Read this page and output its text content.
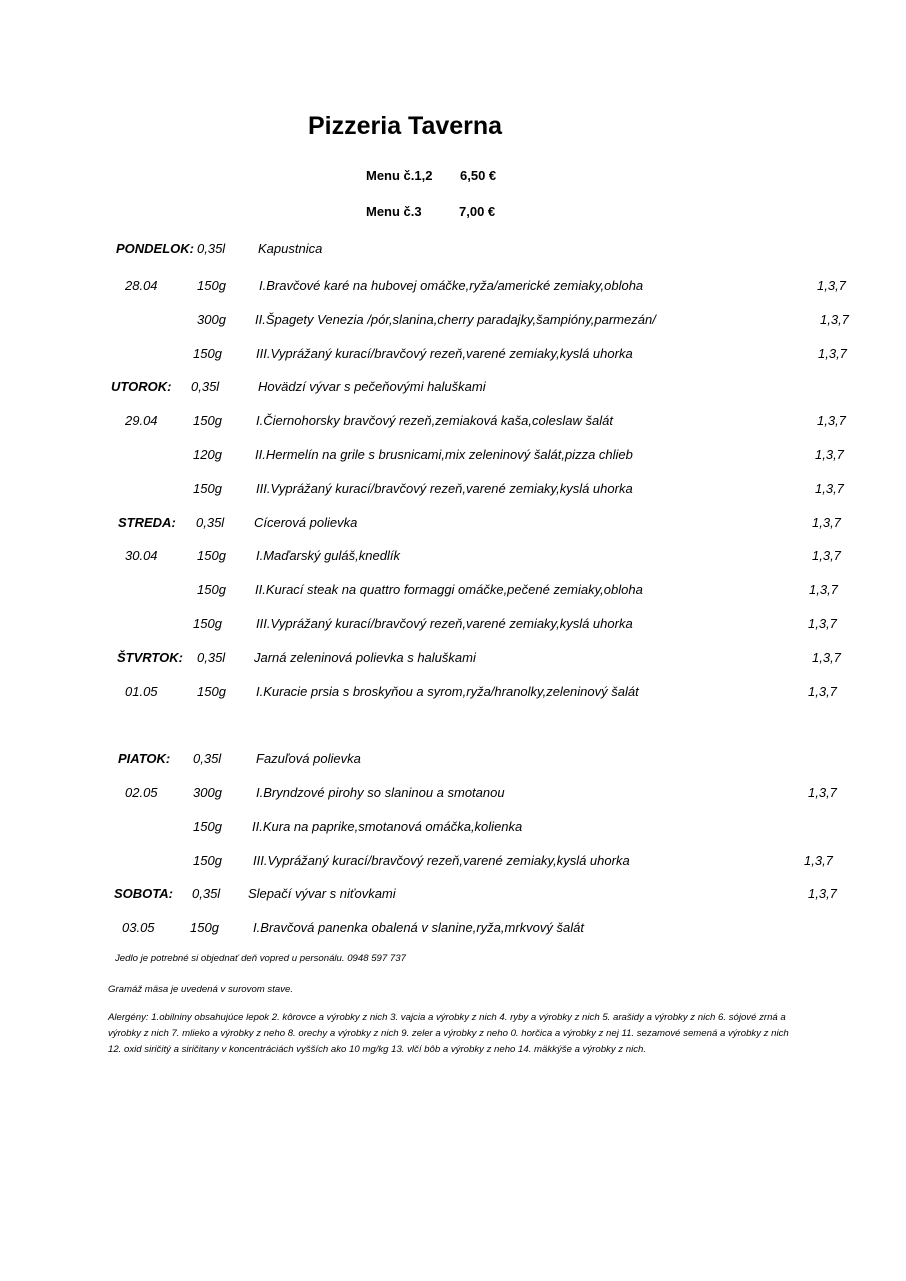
Pizzeria Taverna
Menu č.1,2 6,50 €
Menu č.3	7,00 €
PONDELOK: 0,35l	Kapustnica
28.04	150g	I.Bravčové karé na hubovej omáčke,ryža/americké zemiaky,obloha	1,3,7
300g II.Špagety Venezia /pór,slanina,cherry paradajky,šampióny,parmezán/	1,3,7
150g	III.Vyprážaný kurací/bravčový rezeň,varené zemiaky,kyslá uhorka	1,3,7
UTOROK: 0,35l	Hovädzí vývar s pečeňovými haluškami
29.04	150g	I.Čiernohorsky bravčový rezeň,zemiaková kaša,coleslaw šalát	1,3,7
120g	II.Hermelín na grile s brusnicami,mix zeleninový šalát,pizza chlieb	1,3,7
150g	III.Vyprážaný kurací/bravčový rezeň,varené zemiaky,kyslá uhorka	1,3,7
STREDA: 0,35l Cícerová polievka	1,3,7
30.04	150g I.Maďarský guláš,knedlík	1,3,7
150g II.Kurací steak na quattro formaggi omáčke,pečené zemiaky,obloha	1,3,7
150g	III.Vyprážaný kurací/bravčový rezeň,varené zemiaky,kyslá uhorka	1,3,7
ŠTVRTOK: 0,35l Jarná zeleninová polievka s haluškami	1,3,7
01.05	150g I.Kuracie prsia s broskyňou a syrom,ryža/hranolky,zeleninový šalát	1,3,7
PIATOK: 0,35l	Fazuľová polievka
02.05	300g	I.Bryndzové pirohy so slaninou a smotanou	1,3,7
150g II.Kura na paprike,smotanová omáčka,kolienka
150g III.Vyprážaný kurací/bravčový rezeň,varené zemiaky,kyslá uhorka	1,3,7
SOBOTA: 0,35l Slepačí vývar s niťovkami	1,3,7
03.05	150g	I.Bravčová panenka obalená v slanine,ryža,mrkvový šalát
Jedlo je potrebné si objednať deň vopred u personálu. 0948 597 737
Gramáž mäsa je uvedená v surovom stave.
Alergény: 1.obilniny obsahujúce lepok 2. kôrovce a výrobky z nich 3. vajcia a výrobky z nich 4. ryby a výrobky z nich 5. arašidy a výrobky z nich 6. sójové zrná a výrobky z nich 7. mlieko a výrobky z neho 8. orechy a výrobky z nich 9. zeler a výrobky z neho 0. horčica a výrobky z nej 11. sezamové semená a výrobky z nich 12. oxid siričitý a siričitany v koncentráciách vyšších ako 10 mg/kg 13. vlčí bôb a výrobky z neho 14. mäkkýše a výrobky z nich.
